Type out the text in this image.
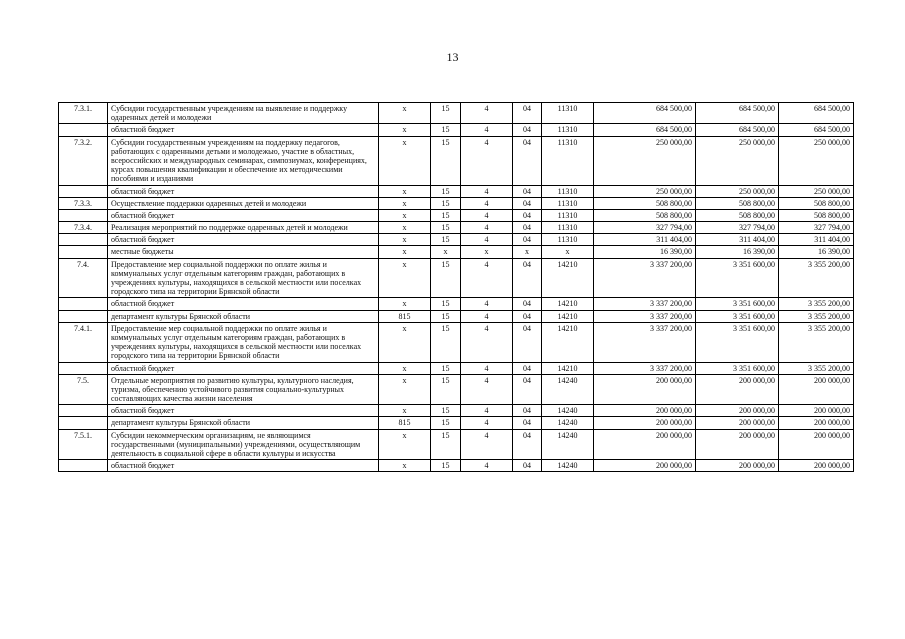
13
7.3.1.	Субсидии государственным учреждениям на выявление и поддержку одаренных детей и молодежи	х	15	4	04	11310	684 500,00	684 500,00	684 500,00
	областной бюджет	х	15	4	04	11310	684 500,00	684 500,00	684 500,00
7.3.2.	Субсидии государственным учреждениям на поддержку педагогов, работающих с одаренными детьми и молодежью, участие в областных, всероссийских и международных семинарах, симпозиумах, конференциях, курсах повышения квалификации и обеспечение их методическими пособиями и изданиями	х	15	4	04	11310	250 000,00	250 000,00	250 000,00
	областной бюджет	х	15	4	04	11310	250 000,00	250 000,00	250 000,00
7.3.3.	Осуществление поддержки одаренных детей и молодежи	х	15	4	04	11310	508 800,00	508 800,00	508 800,00
	областной бюджет	х	15	4	04	11310	508 800,00	508 800,00	508 800,00
7.3.4.	Реализация мероприятий по поддержке одаренных детей и молодежи	х	15	4	04	11310	327 794,00	327 794,00	327 794,00
	областной бюджет	х	15	4	04	11310	311 404,00	311 404,00	311 404,00
	местные бюджеты	х	х	х	х	х	16 390,00	16 390,00	16 390,00
7.4.	Предоставление мер социальной поддержки по оплате жилья и коммунальных услуг отдельным категориям граждан, работающих в учреждениях культуры, находящихся в сельской местности или поселках городского типа на территории Брянской области	х	15	4	04	14210	3 337 200,00	3 351 600,00	3 355 200,00
	областной бюджет	х	15	4	04	14210	3 337 200,00	3 351 600,00	3 355 200,00
	департамент культуры Брянской области	815	15	4	04	14210	3 337 200,00	3 351 600,00	3 355 200,00
7.4.1.	Предоставление мер социальной поддержки по оплате жилья и коммунальных услуг отдельным категориям граждан, работающих в учреждениях культуры, находящихся в сельской местности или поселках городского типа на территории Брянской области	х	15	4	04	14210	3 337 200,00	3 351 600,00	3 355 200,00
	областной бюджет	х	15	4	04	14210	3 337 200,00	3 351 600,00	3 355 200,00
7.5.	Отдельные мероприятия по развитию культуры, культурного наследия, туризма, обеспечению устойчивого развития социально-культурных составляющих качества жизни населения	х	15	4	04	14240	200 000,00	200 000,00	200 000,00
	областной бюджет	х	15	4	04	14240	200 000,00	200 000,00	200 000,00
	департамент культуры Брянской области	815	15	4	04	14240	200 000,00	200 000,00	200 000,00
7.5.1.	Субсидии некоммерческим организациям, не являющимся государственными (муниципальными) учреждениями, осуществляющим деятельность в социальной сфере в области культуры и искусства	х	15	4	04	14240	200 000,00	200 000,00	200 000,00
	областной бюджет	х	15	4	04	14240	200 000,00	200 000,00	200 000,00
